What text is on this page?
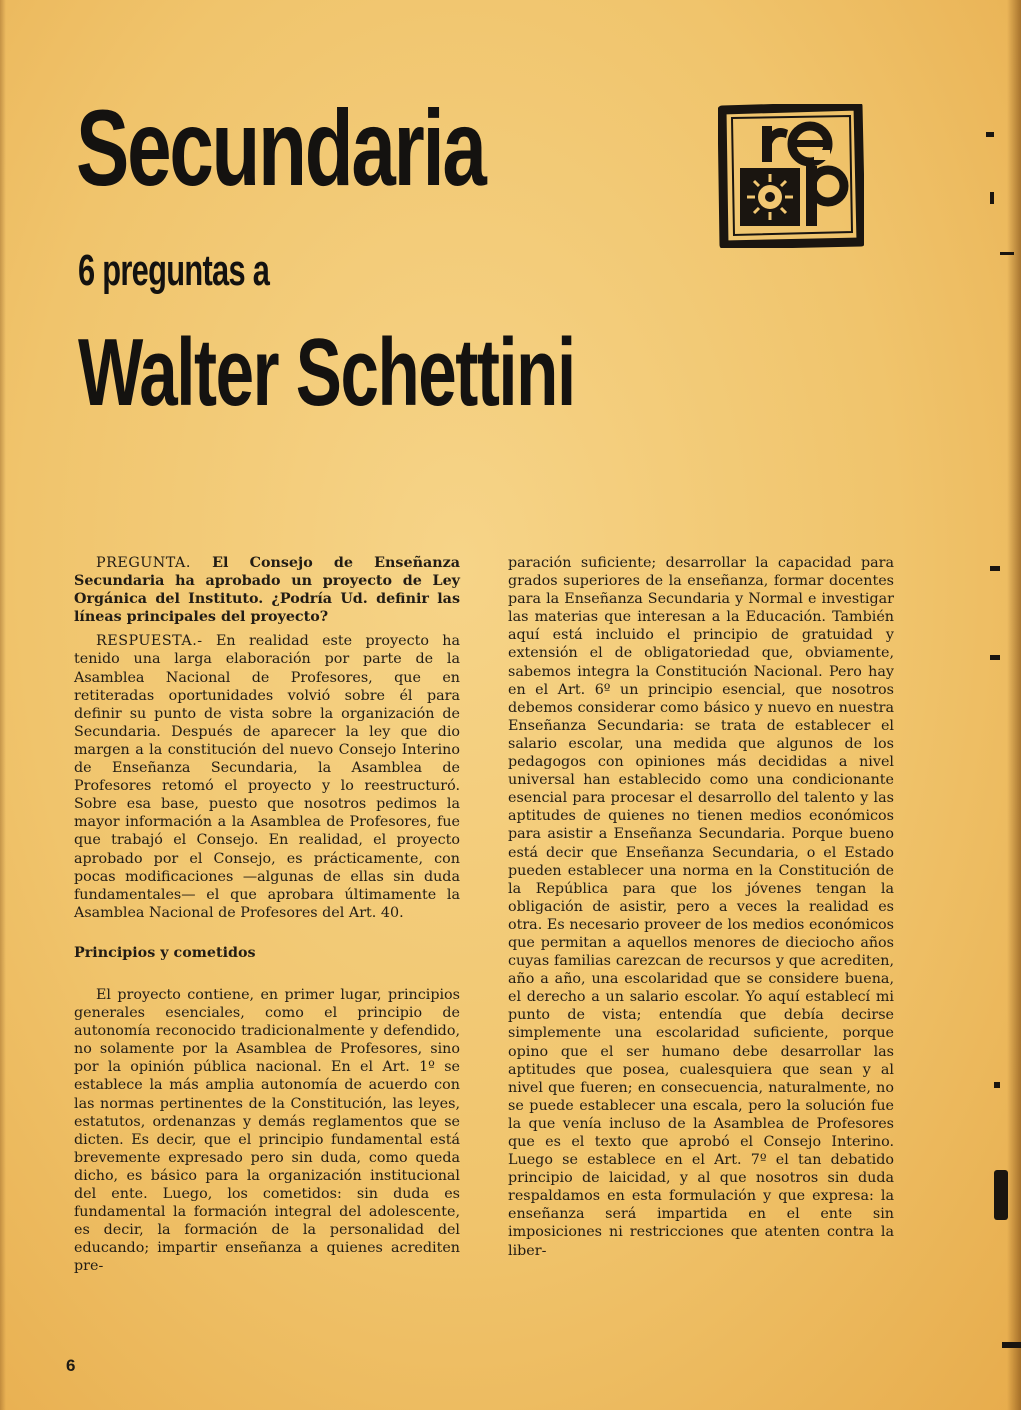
Secundaria
6 preguntas a
Walter Schettini

PREGUNTA. El Consejo de Enseñanza Secundaria ha aprobado un proyecto de Ley Orgánica del Instituto. ¿Podría Ud. definir las líneas principales del proyecto?

RESPUESTA.- En realidad este proyecto ha tenido una larga elaboración por parte de la Asamblea Nacional de Profesores, que en retiteradas oportunidades volvió sobre él para definir su punto de vista sobre la organización de Secundaria. Después de aparecer la ley que dio margen a la constitución del nuevo Consejo Interino de Enseñanza Secundaria, la Asamblea de Profesores retomó el proyecto y lo reestructuró. Sobre esa base, puesto que nosotros pedimos la mayor información a la Asamblea de Profesores, fue que trabajó el Consejo. En realidad, el proyecto aprobado por el Consejo, es prácticamente, con pocas modificaciones —algunas de ellas sin duda fundamentales— el que aprobara últimamente la Asamblea Nacional de Profesores del Art. 40.

Principios y cometidos

El proyecto contiene, en primer lugar, principios generales esenciales, como el principio de autonomía reconocido tradicionalmente y defendido, no solamente por la Asamblea de Profesores, sino por la opinión pública nacional. En el Art. 1º se establece la más amplia autonomía de acuerdo con las normas pertinentes de la Constitución, las leyes, estatutos, ordenanzas y demás reglamentos que se dicten. Es decir, que el principio fundamental está brevemente expresado pero sin duda, como queda dicho, es básico para la organización institucional del ente. Luego, los cometidos: sin duda es fundamental la formación integral del adolescente, es decir, la formación de la personalidad del educando; impartir enseñanza a quienes acrediten pre-

paración suficiente; desarrollar la capacidad para grados superiores de la enseñanza, formar docentes para la Enseñanza Secundaria y Normal e investigar las materias que interesan a la Educación. También aquí está incluido el principio de gratuidad y extensión el de obligatoriedad que, obviamente, sabemos integra la Constitución Nacional. Pero hay en el Art. 6º un principio esencial, que nosotros debemos considerar como básico y nuevo en nuestra Enseñanza Secundaria: se trata de establecer el salario escolar, una medida que algunos de los pedagogos con opiniones más decididas a nivel universal han establecido como una condicionante esencial para procesar el desarrollo del talento y las aptitudes de quienes no tienen medios económicos para asistir a Enseñanza Secundaria. Porque bueno está decir que Enseñanza Secundaria, o el Estado pueden establecer una norma en la Constitución de la República para que los jóvenes tengan la obligación de asistir, pero a veces la realidad es otra. Es necesario proveer de los medios económicos que permitan a aquellos menores de dieciocho años cuyas familias carezcan de recursos y que acrediten, año a año, una escolaridad que se considere buena, el derecho a un salario escolar. Yo aquí establecí mi punto de vista; entendía que debía decirse simplemente una escolaridad suficiente, porque opino que el ser humano debe desarrollar las aptitudes que posea, cualesquiera que sean y al nivel que fueren; en consecuencia, naturalmente, no se puede establecer una escala, pero la solución fue la que venía incluso de la Asamblea de Profesores que es el texto que aprobó el Consejo Interino. Luego se establece en el Art. 7º el tan debatido principio de laicidad, y al que nosotros sin duda respaldamos en esta formulación y que expresa: la enseñanza será impartida en el ente sin imposiciones ni restricciones que atenten contra la liber-

6
